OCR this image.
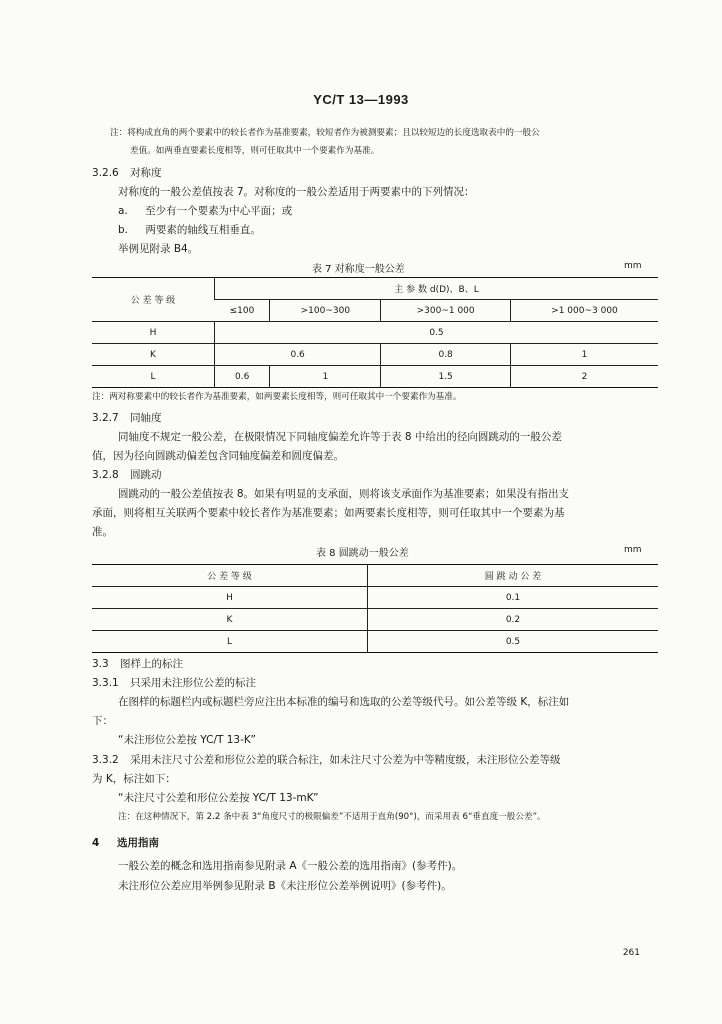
YC/T 13—1993
注：将构成直角的两个要素中的较长者作为基准要素，较短者作为被测要素；且以较短边的长度选取表中的一般公
差值。如两垂直要素长度相等，则可任取其中一个要素作为基准。
3.2.6 对称度
对称度的一般公差值按表 7。对称度的一般公差适用于两要素中的下列情况：
a. 至少有一个要素为中心平面；或
b. 两要素的轴线互相垂直。
举例见附录 B4。
表 7 对称度一般公差	mm
公 差 等 级	主 参 数 d(D)、B、L			
	≤100	>100~300	>300~1 000	>1 000~3 000
H	0.5			
K	0.6		0.8	1
L	0.6	1	1.5	2
注：两对称要素中的较长者作为基准要素，如两要素长度相等，则可任取其中一个要素作为基准。
3.2.7 同轴度
同轴度不规定一般公差，在极限情况下同轴度偏差允许等于表 8 中给出的径向圆跳动的一般公差
值，因为径向圆跳动偏差包含同轴度偏差和圆度偏差。
3.2.8 圆跳动
圆跳动的一般公差值按表 8。如果有明显的支承面，则将该支承面作为基准要素；如果没有指出支
承面，则将相互关联两个要素中较长者作为基准要素；如两要素长度相等，则可任取其中一个要素为基
准。
表 8 圆跳动一般公差	mm
公 差 等 级	圆 跳 动 公 差
H	0.1
K	0.2
L	0.5
3.3 图样上的标注
3.3.1 只采用未注形位公差的标注
在图样的标题栏内或标题栏旁应注出本标准的编号和选取的公差等级代号。如公差等级 K，标注如
下：
“未注形位公差按 YC/T 13-K”
3.3.2 采用未注尺寸公差和形位公差的联合标注，如未注尺寸公差为中等精度级，未注形位公差等级
为 K，标注如下：
“未注尺寸公差和形位公差按 YC/T 13-mK”
注：在这种情况下，第 2.2 条中表 3“角度尺寸的极限偏差”不适用于直角(90°)，而采用表 6“垂直度一般公差”。
4 选用指南
一般公差的概念和选用指南参见附录 A《一般公差的选用指南》(参考件)。
未注形位公差应用举例参见附录 B《未注形位公差举例说明》(参考件)。
261
